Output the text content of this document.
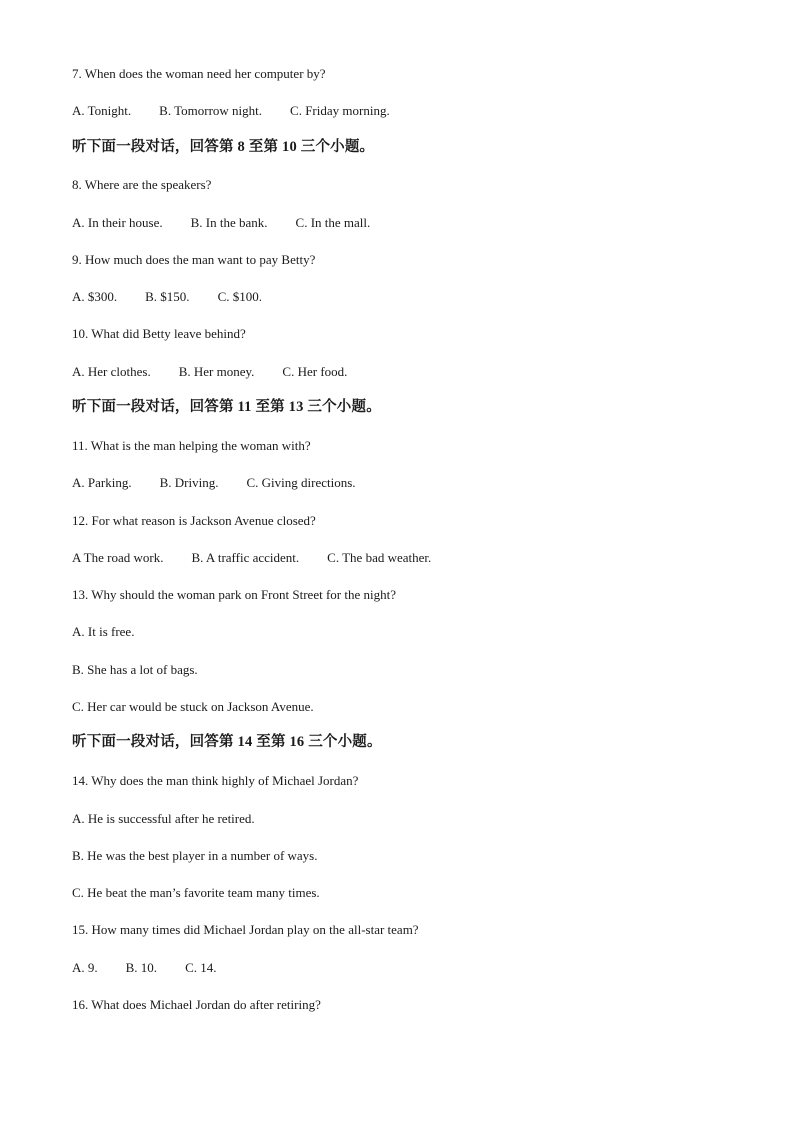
7. When does the woman need her computer by?
A. Tonight. B. Tomorrow night. C. Friday morning.
听下面一段对话，回答第 8 至第 10 三个小题。
8. Where are the speakers?
A. In their house. B. In the bank. C. In the mall.
9. How much does the man want to pay Betty?
A. $300. B. $150. C. $100.
10. What did Betty leave behind?
A. Her clothes. B. Her money. C. Her food.
听下面一段对话，回答第 11 至第 13 三个小题。
11. What is the man helping the woman with?
A. Parking. B. Driving. C. Giving directions.
12. For what reason is Jackson Avenue closed?
A The road work. B. A traffic accident. C. The bad weather.
13. Why should the woman park on Front Street for the night?
A. It is free.
B. She has a lot of bags.
C. Her car would be stuck on Jackson Avenue.
听下面一段对话，回答第 14 至第 16 三个小题。
14. Why does the man think highly of Michael Jordan?
A. He is successful after he retired.
B. He was the best player in a number of ways.
C. He beat the man’s favorite team many times.
15. How many times did Michael Jordan play on the all-star team?
A. 9. B. 10. C. 14.
16. What does Michael Jordan do after retiring?
